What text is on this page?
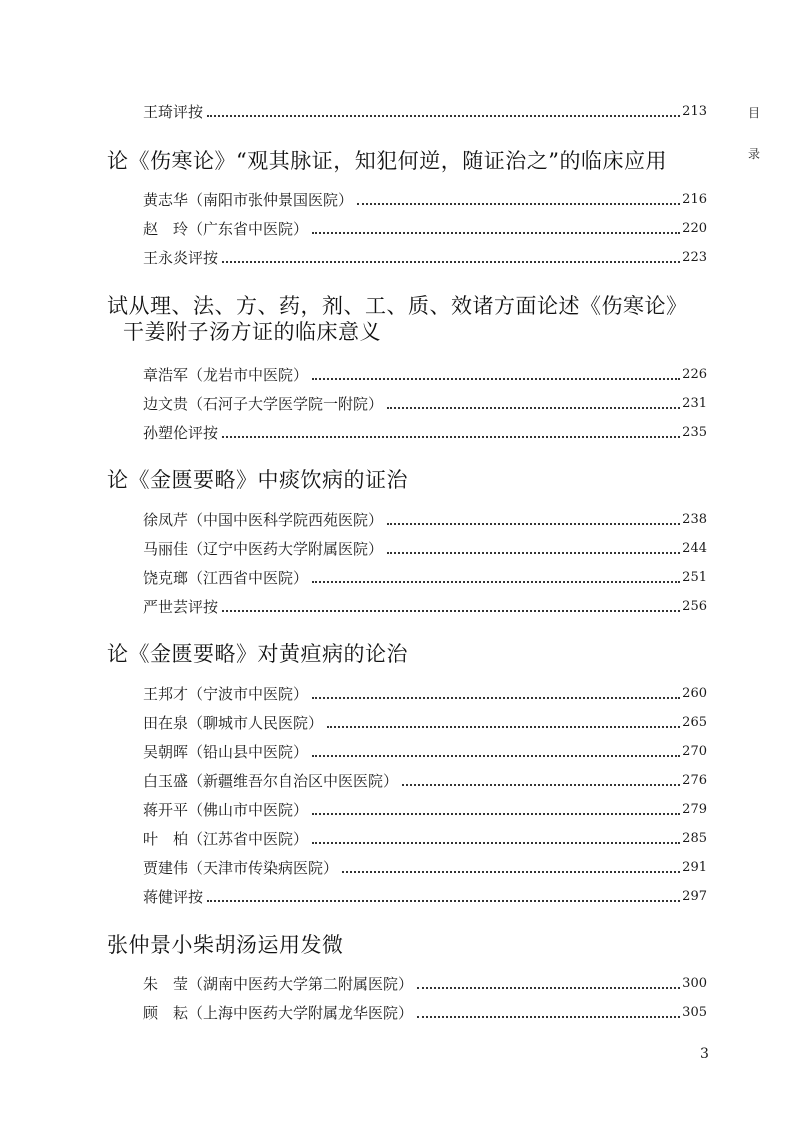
目
录
王琦评按	213
论《伤寒论》“观其脉证，知犯何逆，随证治之”的临床应用
黄志华（南阳市张仲景国医院）	216
赵　玲（广东省中医院）	220
王永炎评按	223
试从理、法、方、药，剂、工、质、效诸方面论述《伤寒论》
干姜附子汤方证的临床意义
章浩军（龙岩市中医院）	226
边文贵（石河子大学医学院一附院）	231
孙塑伦评按	235
论《金匮要略》中痰饮病的证治
徐凤芹（中国中医科学院西苑医院）	238
马丽佳（辽宁中医药大学附属医院）	244
饶克瑯（江西省中医院）	251
严世芸评按	256
论《金匮要略》对黄疸病的论治
王邦才（宁波市中医院）	260
田在泉（聊城市人民医院）	265
吴朝晖（铅山县中医院）	270
白玉盛（新疆维吾尔自治区中医医院）	276
蒋开平（佛山市中医院）	279
叶　柏（江苏省中医院）	285
贾建伟（天津市传染病医院）	291
蒋健评按	297
张仲景小柴胡汤运用发微
朱　莹（湖南中医药大学第二附属医院）	300
顾　耘（上海中医药大学附属龙华医院）	305
3
